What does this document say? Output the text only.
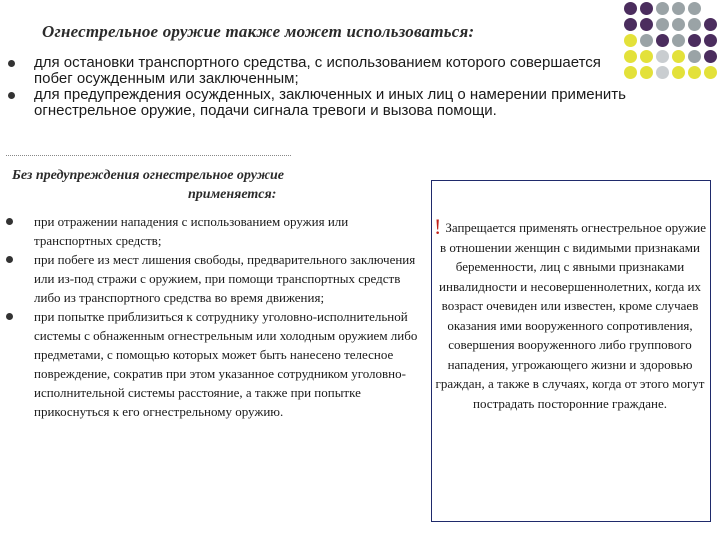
Огнестрельное оружие также может использоваться:
для остановки транспортного средства, с использованием которого совершается побег осужденным или заключенным;
для предупреждения осужденных, заключенных и иных лиц о намерении применить огнестрельное оружие, подачи сигнала тревоги и вызова помощи.
Без предупреждения огнестрельное оружие
применяется:
при отражении нападения с использованием оружия или транспортных средств;
при побеге из мест лишения свободы, предварительного заключения или из-под стражи с оружием, при помощи транспортных средств либо из транспортного средства во время движения;
при попытке приблизиться к сотруднику уголовно-исполнительной системы с обнаженным огнестрельным или холодным оружием либо предметами, с помощью которых может быть нанесено телесное повреждение, сократив при этом указанное сотрудником уголовно-исполнительной системы расстояние, а также при попытке прикоснуться к его огнестрельному оружию.
! Запрещается применять огнестрельное оружие в отношении женщин с видимыми признаками беременности, лиц с явными признаками инвалидности и несовершеннолетних, когда их возраст очевиден или известен, кроме случаев оказания ими вооруженного сопротивления, совершения вооруженного либо группового нападения, угрожающего жизни и здоровью граждан, а также в случаях, когда от этого могут пострадать посторонние граждане.
